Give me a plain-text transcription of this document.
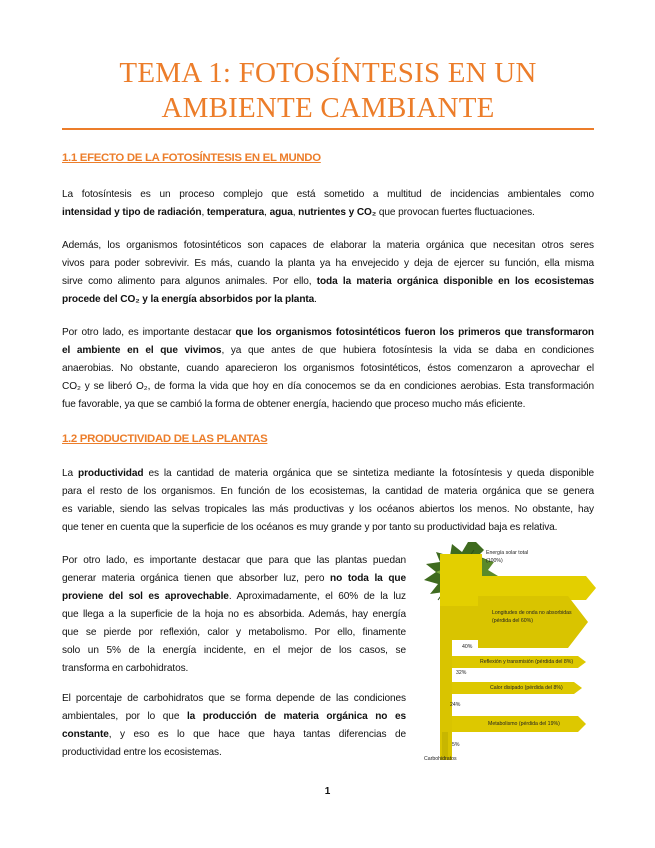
TEMA 1: FOTOSÍNTESIS EN UN
AMBIENTE CAMBIANTE
1.1 EFECTO DE LA FOTOSÍNTESIS EN EL MUNDO
La fotosíntesis es un proceso complejo que está sometido a multitud de incidencias ambientales como
intensidad y tipo de radiación, temperatura, agua, nutrientes y CO₂ que provocan fuertes fluctuaciones.
Además, los organismos fotosintéticos son capaces de elaborar la materia orgánica que necesitan otros seres
vivos para poder sobrevivir. Es más, cuando la planta ya ha envejecido y deja de ejercer su función, ella misma
sirve como alimento para algunos animales. Por ello, toda la materia orgánica disponible en los ecosistemas
procede del CO₂ y la energía absorbidos por la planta.
Por otro lado, es importante destacar que los organismos fotosintéticos fueron los primeros que transformaron
el ambiente en el que vivimos, ya que antes de que hubiera fotosíntesis la vida se daba en condiciones
anaerobias. No obstante, cuando aparecieron los organismos fotosintéticos, éstos comenzaron a aprovechar el
CO₂ y se liberó O₂, de forma la vida que hoy en día conocemos se da en condiciones aerobias. Esta transformación
fue favorable, ya que se cambió la forma de obtener energía, haciendo que proceso mucho más eficiente.
1.2 PRODUCTIVIDAD DE LAS PLANTAS
La productividad es la cantidad de materia orgánica que se sintetiza mediante la fotosíntesis y queda disponible
para el resto de los organismos. En función de los ecosistemas, la cantidad de materia orgánica que se genera
es variable, siendo las selvas tropicales las más productivas y los océanos abiertos los menos. No obstante, hay
que tener en cuenta que la superficie de los océanos es muy grande y por tanto su productividad baja es relativa.
Por otro lado, es importante destacar que para que las plantas puedan
generar materia orgánica tienen que absorber luz, pero no toda la que
proviene del sol es aprovechable. Aproximadamente, el 60% de la luz
que llega a la superficie de la hoja no es absorbida. Además, hay energía
que se pierde por reflexión, calor y metabolismo. Por ello, finamente
solo un 5% de la energía incidente, en el mejor de los casos, se
transforma en carbohidratos.
El porcentaje de carbohidratos que se forma depende de las condiciones
ambientales, por lo que la producción de materia orgánica no es
constante, y eso es lo que hace que haya tantas diferencias de
productividad entre los ecosistemas.
Energía solar total
(100%)
Longitudes de onda no absorbidas
(pérdida del 60%)
40%
Reflexión y transmisión (pérdida del 8%)
32%
Calor disipado (pérdida del 8%)
24%
Metabolismo (pérdida del 19%)
5%
Carbohidratos
1
